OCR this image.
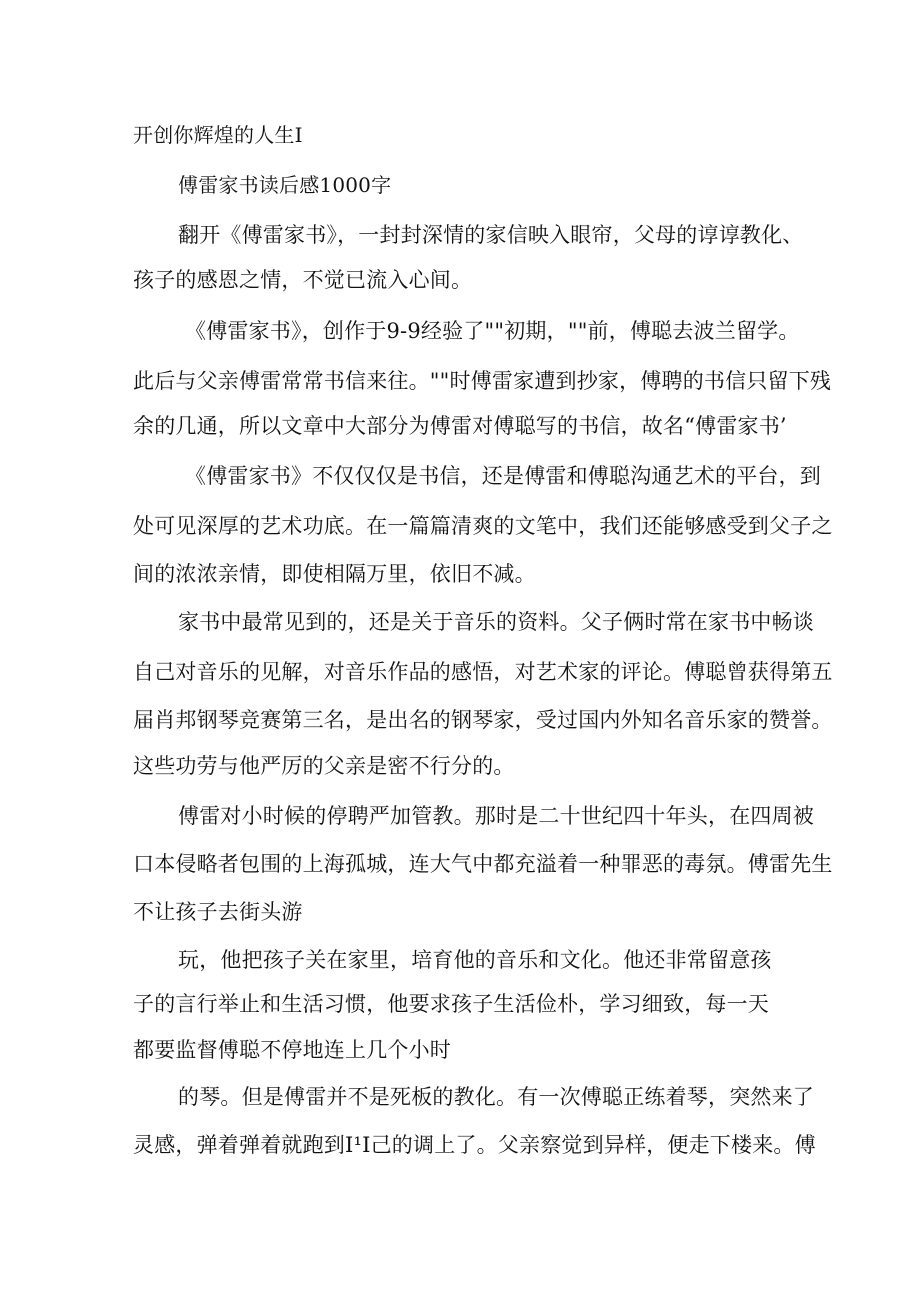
开创你辉煌的人生I
傅雷家书读后感1000字
翻开《傅雷家书》，一封封深情的家信映入眼帘，父母的谆谆教化、
孩子的感恩之情，不觉已流入心间。
《傅雷家书》，创作于9-9经验了""初期，""前，傅聪去波兰留学。
此后与父亲傅雷常常书信来往。""时傅雷家遭到抄家，傅聘的书信只留下残
余的几通，所以文章中大部分为傅雷对傅聪写的书信，故名“傅雷家书’
《傅雷家书》不仅仅仅是书信，还是傅雷和傅聪沟通艺术的平台，到
处可见深厚的艺术功底。在一篇篇清爽的文笔中，我们还能够感受到父子之
间的浓浓亲情，即使相隔万里，依旧不减。
家书中最常见到的，还是关于音乐的资料。父子俩时常在家书中畅谈
自己对音乐的见解，对音乐作品的感悟，对艺术家的评论。傅聪曾获得第五
届肖邦钢琴竞赛第三名，是出名的钢琴家，受过国内外知名音乐家的赞誉。
这些功劳与他严厉的父亲是密不行分的。
傅雷对小时候的停聘严加管教。那时是二十世纪四十年头，在四周被
口本侵略者包围的上海孤城，连大气中都充溢着一种罪恶的毒氛。傅雷先生
不让孩子去街头游
玩，他把孩子关在家里，培育他的音乐和文化。他还非常留意孩
子的言行举止和生活习惯，他要求孩子生活俭朴，学习细致，每一天
都要监督傅聪不停地连上几个小时
的琴。但是傅雷并不是死板的教化。有一次傅聪正练着琴，突然来了
灵感，弹着弹着就跑到I¹I己的调上了。父亲察觉到异样，便走下楼来。傅
